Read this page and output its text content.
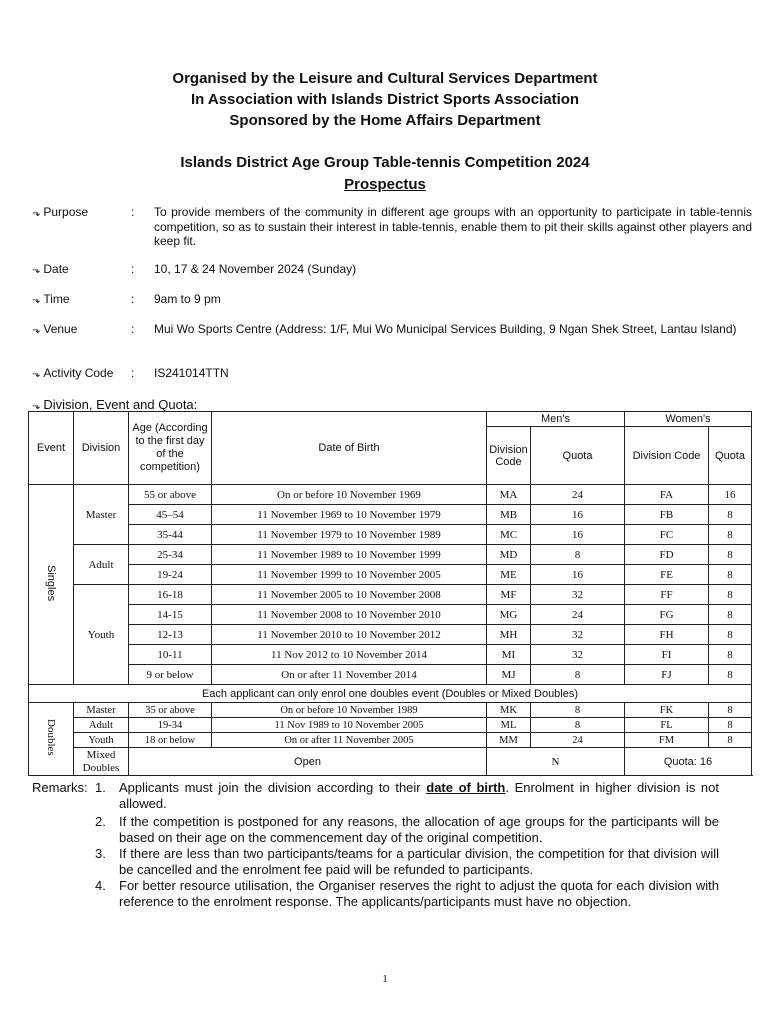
Organised by the Leisure and Cultural Services Department
In Association with Islands District Sports Association
Sponsored by the Home Affairs Department
Islands District Age Group Table-tennis Competition 2024
Prospectus
⬎ Purpose	: To provide members of the community in different age groups with an opportunity to participate in table-tennis competition, so as to sustain their interest in table-tennis, enable them to pit their skills against other players and keep fit.
⬎ Date	: 10, 17 & 24 November 2024 (Sunday)
⬎ Time	: 9am to 9 pm
⬎ Venue	: Mui Wo Sports Centre (Address: 1/F, Mui Wo Municipal Services Building, 9 Ngan Shek Street, Lantau Island)
⬎ Activity Code	: IS241014TTN
⬎ Division, Event and Quota:
Event	Division	Age (According to the first day of the competition)	Date of Birth	Men's		Women's	
				Division Code	Quota	Division Code	Quota
Singles	Master	55 or above	On or before 10 November 1969	MA	24	FA	16
		45–54	11 November 1969 to 10 November 1979	MB	16	FB	8
		35-44	11 November 1979 to 10 November 1989	MC	16	FC	8
	Adult	25-34	11 November 1989 to 10 November 1999	MD	8	FD	8
		19-24	11 November 1999 to 10 November 2005	ME	16	FE	8
	Youth	16-18	11 November 2005 to 10 November 2008	MF	32	FF	8
		14-15	11 November 2008 to 10 November 2010	MG	24	FG	8
		12-13	11 November 2010 to 10 November 2012	MH	32	FH	8
		10-11	11 Nov 2012 to 10 November 2014	MI	32	FI	8
		9 or below	On or after 11 November 2014	MJ	8	FJ	8
Each applicant can only enrol one doubles event (Doubles or Mixed Doubles)							
Doubles	Master	35 or above	On or before 10 November 1989	MK	8	FK	8
	Adult	19-34	11 Nov 1989 to 10 November 2005	ML	8	FL	8
	Youth	18 or below	On or after 11 November 2005	MM	24	FM	8
	Mixed Doubles	Open		N		Quota: 16	
Remarks: 1. Applicants must join the division according to their date of birth. Enrolment in higher division is not allowed.
2. If the competition is postponed for any reasons, the allocation of age groups for the participants will be based on their age on the commencement day of the original competition.
3. If there are less than two participants/teams for a particular division, the competition for that division will be cancelled and the enrolment fee paid will be refunded to participants.
4. For better resource utilisation, the Organiser reserves the right to adjust the quota for each division with reference to the enrolment response. The applicants/participants must have no objection.
1
